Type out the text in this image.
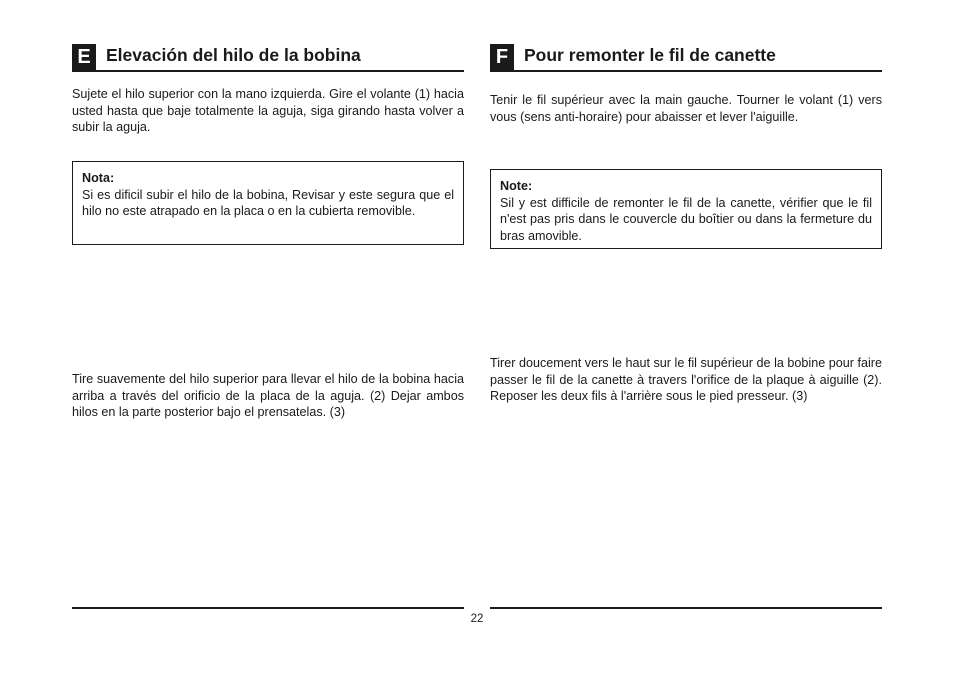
E Elevación del hilo de la bobina

Sujete el hilo superior con la mano izquierda. Gire el volante (1) hacia usted hasta que baje totalmente la aguja, siga girando hasta volver a subir la aguja.

Nota:
Si es dificil subir el hilo de la bobina, Revisar y este segura que el hilo no este atrapado en la placa o en la cubierta removible.

Tire suavemente del hilo superior para llevar el hilo de la bobina hacia arriba a través del orificio de la placa de la aguja. (2) Dejar ambos hilos en la parte posterior bajo el prensatelas. (3)

F Pour remonter le fil de canette

Tenir le fil supérieur avec la main gauche. Tourner le volant (1) vers vous (sens anti-horaire) pour abaisser et lever l'aiguille.

Note:
Sil y est difficile de remonter le fil de la canette, vérifier que le fil n'est pas pris dans le couvercle du boîtier ou dans la fermeture du bras amovible.

Tirer doucement vers le haut sur le fil supérieur de la bobine pour faire passer le fil de la canette à travers l'orifice de la plaque à aiguille (2). Reposer les deux fils à l'arrière sous le pied presseur. (3)

22
